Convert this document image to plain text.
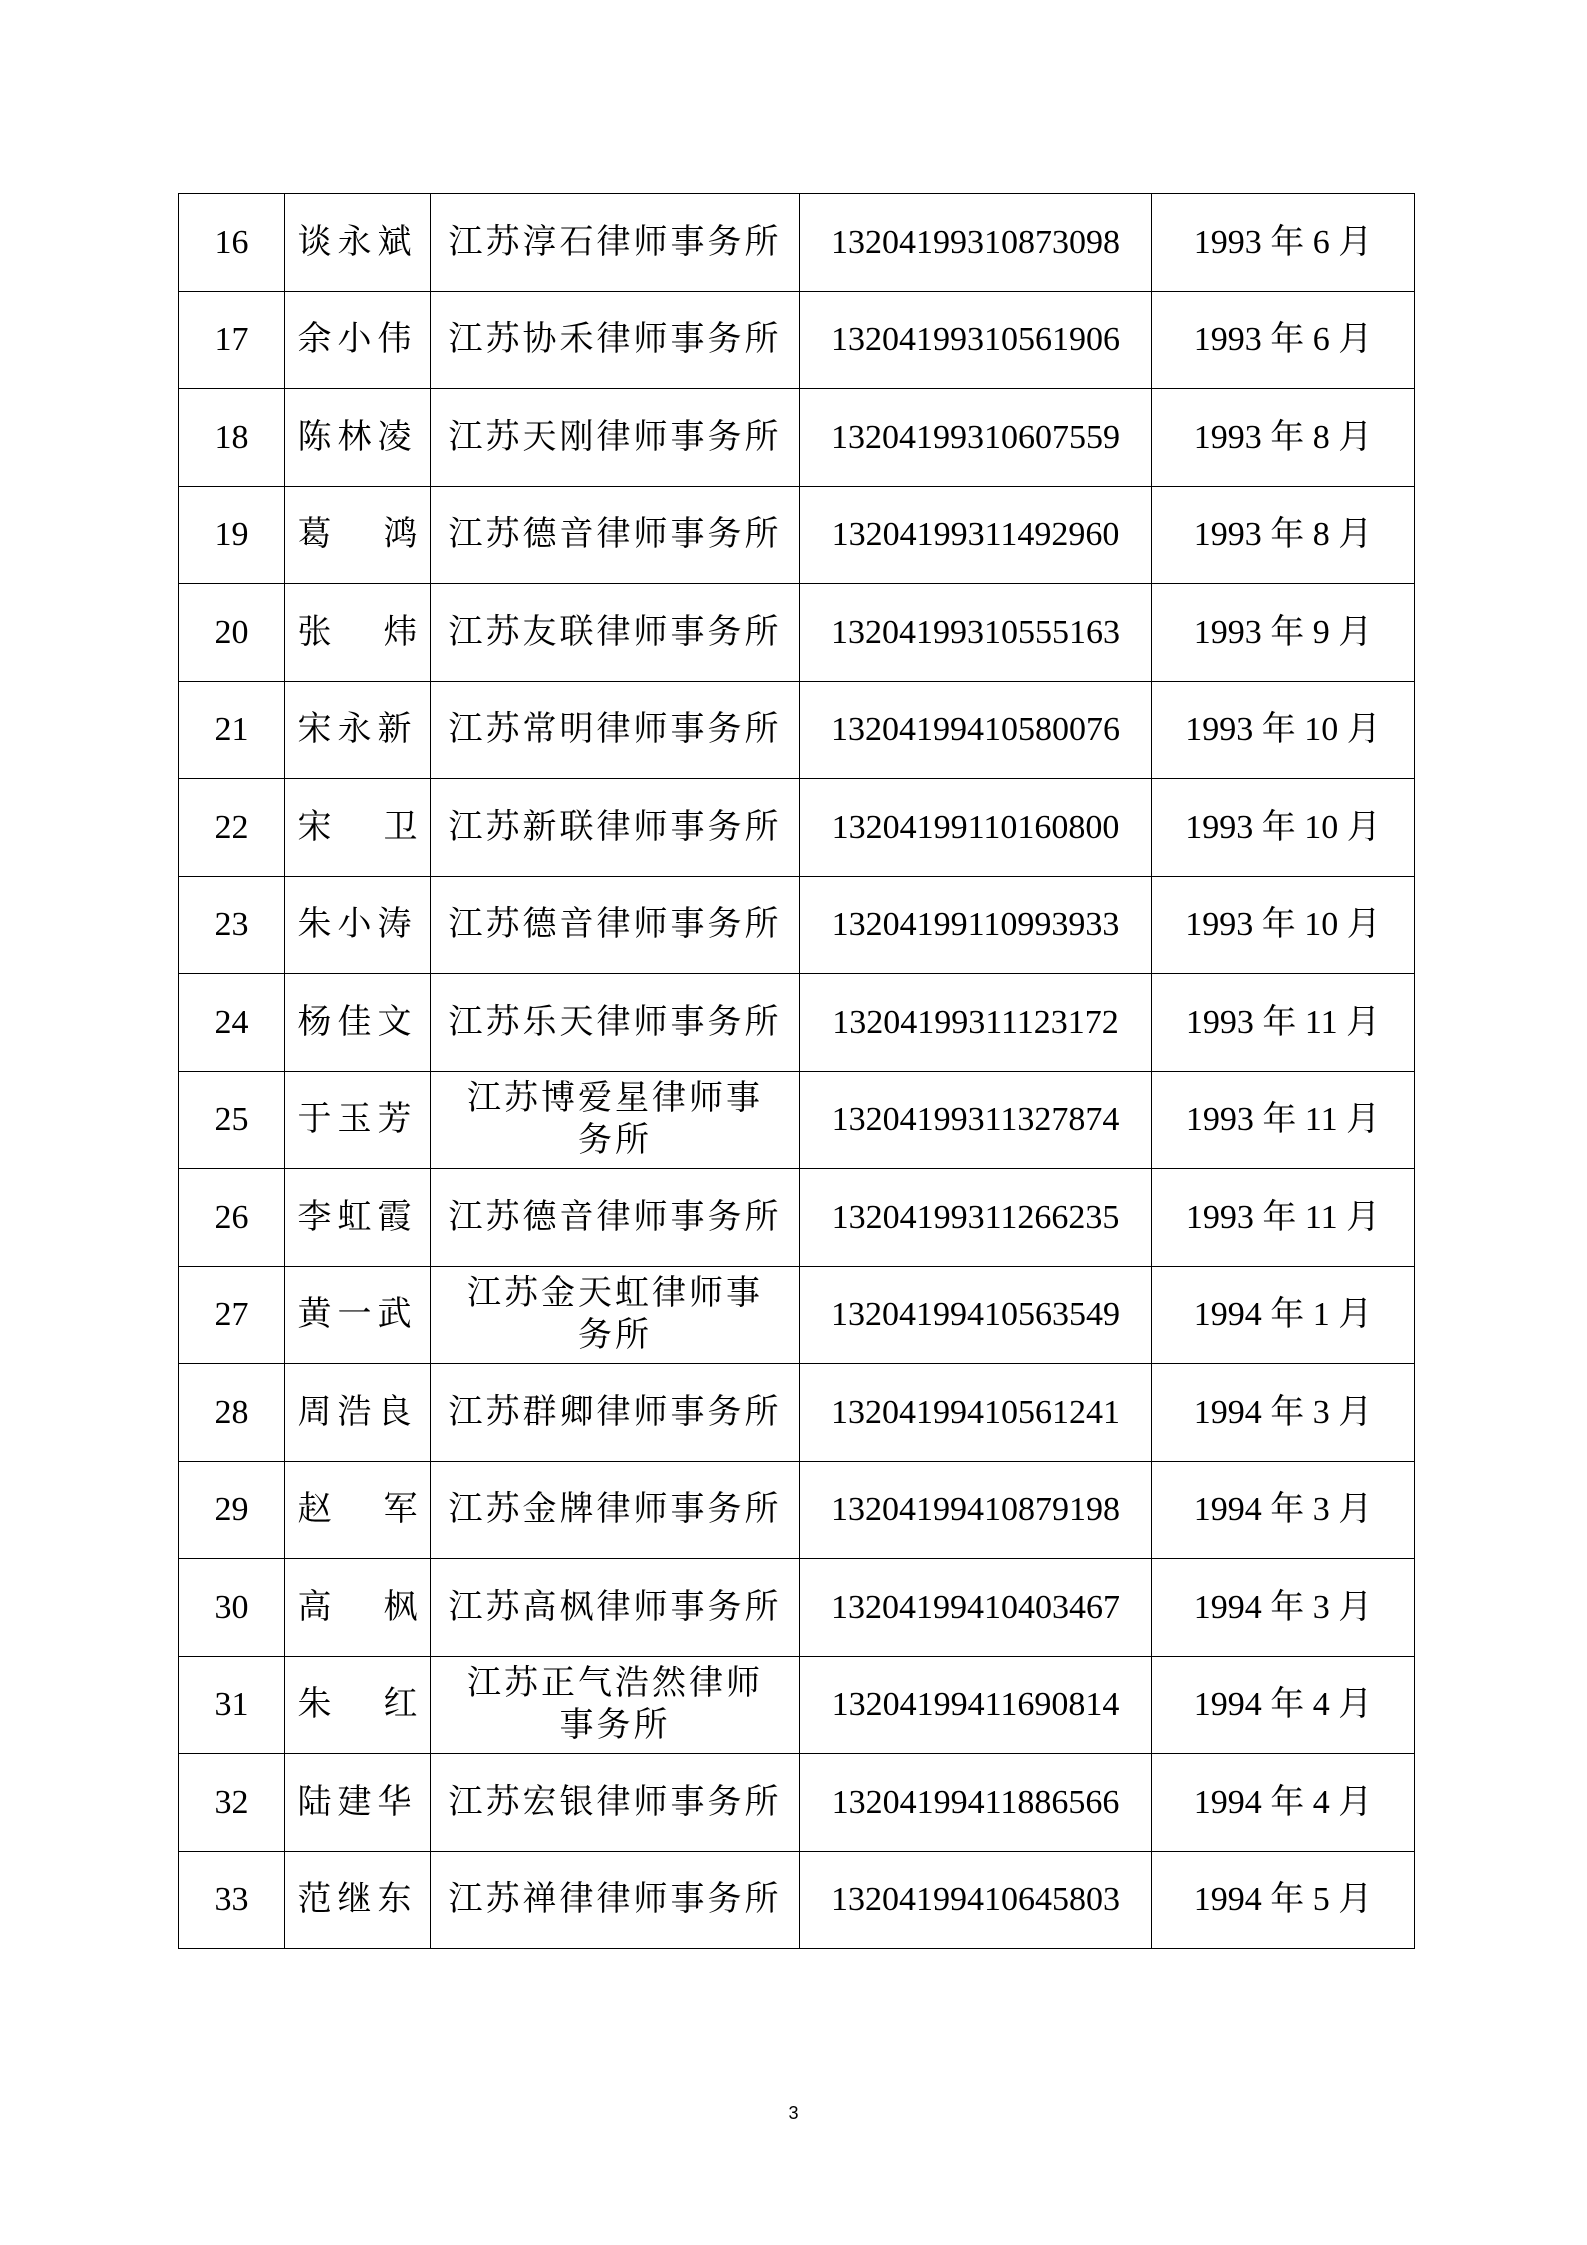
16	谈永斌	江苏淳石律师事务所	13204199310873098	1993 年 6 月
17	余小伟	江苏协禾律师事务所	13204199310561906	1993 年 6 月
18	陈林凌	江苏天刚律师事务所	13204199310607559	1993 年 8 月
19	葛 鸿	江苏德音律师事务所	13204199311492960	1993 年 8 月
20	张 炜	江苏友联律师事务所	13204199310555163	1993 年 9 月
21	宋永新	江苏常明律师事务所	13204199410580076	1993 年 10 月
22	宋 卫	江苏新联律师事务所	13204199110160800	1993 年 10 月
23	朱小涛	江苏德音律师事务所	13204199110993933	1993 年 10 月
24	杨佳文	江苏乐天律师事务所	13204199311123172	1993 年 11 月
25	于玉芳	江苏博爱星律师事务所	13204199311327874	1993 年 11 月
26	李虹霞	江苏德音律师事务所	13204199311266235	1993 年 11 月
27	黄一武	江苏金天虹律师事务所	13204199410563549	1994 年 1 月
28	周浩良	江苏群卿律师事务所	13204199410561241	1994 年 3 月
29	赵 军	江苏金牌律师事务所	13204199410879198	1994 年 3 月
30	高 枫	江苏高枫律师事务所	13204199410403467	1994 年 3 月
31	朱 红	江苏正气浩然律师事务所	13204199411690814	1994 年 4 月
32	陆建华	江苏宏银律师事务所	13204199411886566	1994 年 4 月
33	范继东	江苏禅律律师事务所	13204199410645803	1994 年 5 月
3
